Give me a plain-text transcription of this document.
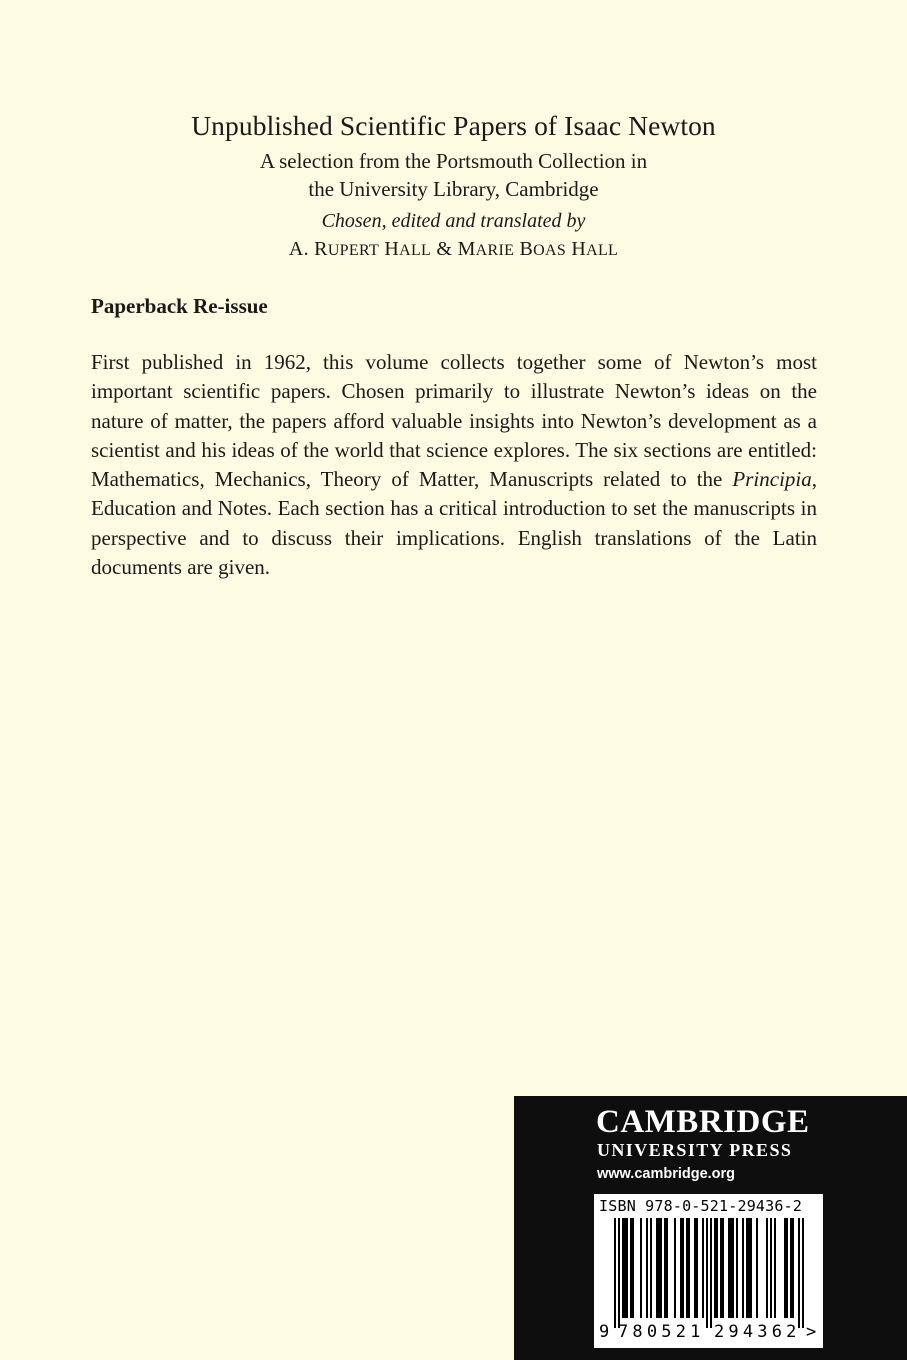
Unpublished Scientific Papers of Isaac Newton
A selection from the Portsmouth Collection in
the University Library, Cambridge
Chosen, edited and translated by
A. RUPERT HALL & MARIE BOAS HALL
Paperback Re-issue
First published in 1962, this volume collects together some of Newton’s most important scientific papers. Chosen primarily to illustrate Newton’s ideas on the nature of matter, the papers afford valuable insights into Newton’s development as a scientist and his ideas of the world that science explores. The six sections are entitled: Mathematics, Mechanics, Theory of Matter, Manuscripts related to the Principia, Education and Notes. Each section has a critical introduction to set the manuscripts in perspective and to discuss their implications. English translations of the Latin documents are given.
CAMBRIDGE
UNIVERSITY PRESS
www.cambridge.org
ISBN 978-0-521-29436-2
9 780521 294362 >
